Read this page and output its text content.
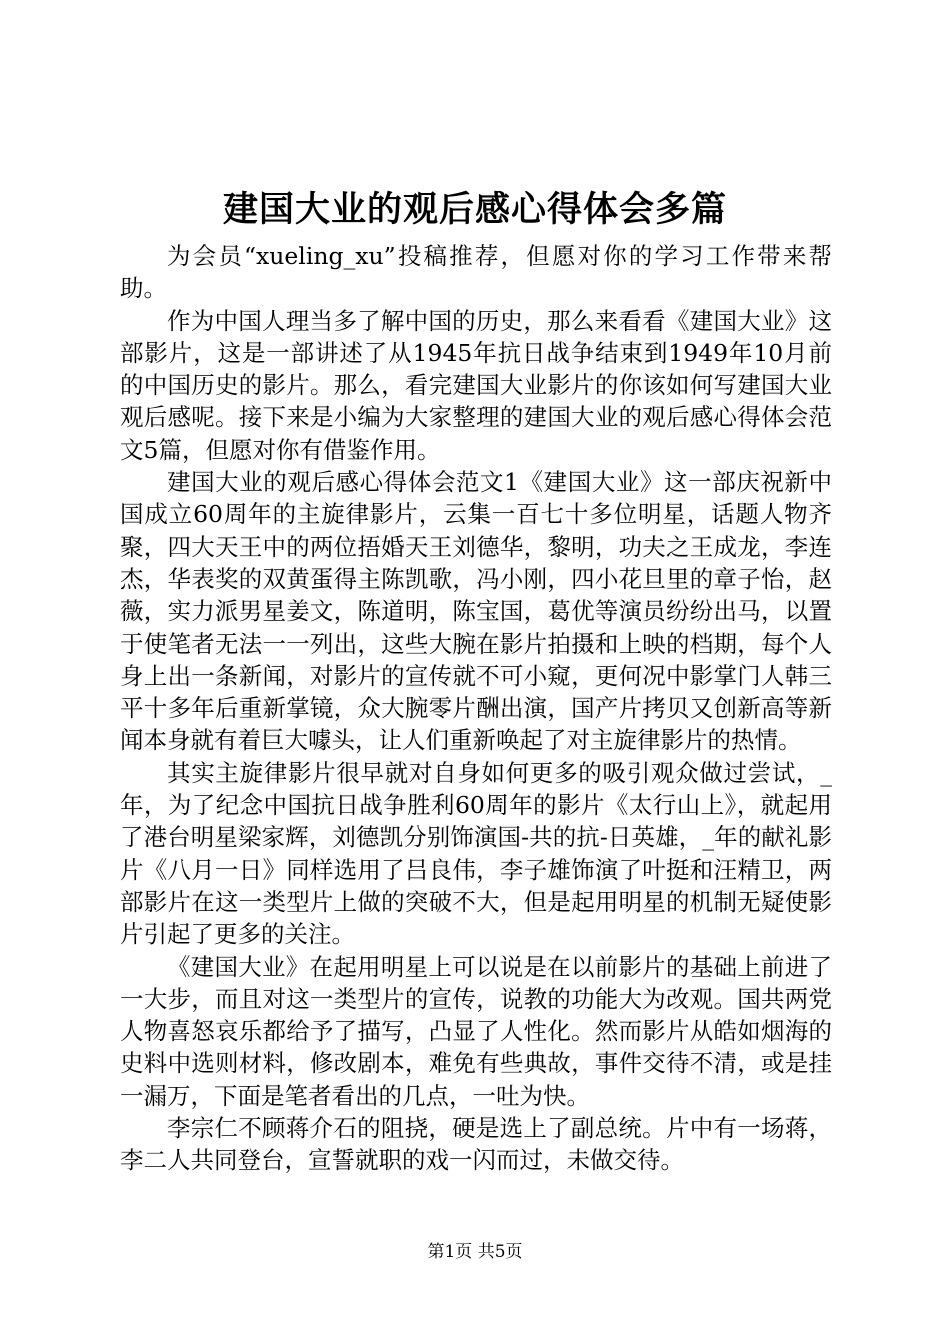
建国大业的观后感心得体会多篇

为会员“xueling_xu”投稿推荐，但愿对你的学习工作带来帮助。

作为中国人理当多了解中国的历史，那么来看看《建国大业》这部影片，这是一部讲述了从1945年抗日战争结束到1949年10月前的中国历史的影片。那么，看完建国大业影片的你该如何写建国大业观后感呢。接下来是小编为大家整理的建国大业的观后感心得体会范文5篇，但愿对你有借鉴作用。

建国大业的观后感心得体会范文1《建国大业》这一部庆祝新中国成立60周年的主旋律影片，云集一百七十多位明星，话题人物齐聚，四大天王中的两位捂婚天王刘德华，黎明，功夫之王成龙，李连杰，华表奖的双黄蛋得主陈凯歌，冯小刚，四小花旦里的章子怡，赵薇，实力派男星姜文，陈道明，陈宝国，葛优等演员纷纷出马，以置于使笔者无法一一列出，这些大腕在影片拍摄和上映的档期，每个人身上出一条新闻，对影片的宣传就不可小窥，更何况中影掌门人韩三平十多年后重新掌镜，众大腕零片酬出演，国产片拷贝又创新高等新闻本身就有着巨大噱头，让人们重新唤起了对主旋律影片的热情。

其实主旋律影片很早就对自身如何更多的吸引观众做过尝试，_年，为了纪念中国抗日战争胜利60周年的影片《太行山上》，就起用了港台明星梁家辉，刘德凯分别饰演国-共的抗-日英雄，_年的献礼影片《八月一日》同样选用了吕良伟，李子雄饰演了叶挺和汪精卫，两部影片在这一类型片上做的突破不大，但是起用明星的机制无疑使影片引起了更多的关注。

《建国大业》在起用明星上可以说是在以前影片的基础上前进了一大步，而且对这一类型片的宣传，说教的功能大为改观。国共两党人物喜怒哀乐都给予了描写，凸显了人性化。然而影片从皓如烟海的史料中选则材料，修改剧本，难免有些典故，事件交待不清，或是挂一漏万，下面是笔者看出的几点，一吐为快。

李宗仁不顾蒋介石的阻挠，硬是选上了副总统。片中有一场蒋，李二人共同登台，宣誓就职的戏一闪而过，未做交待。

第1页 共5页
